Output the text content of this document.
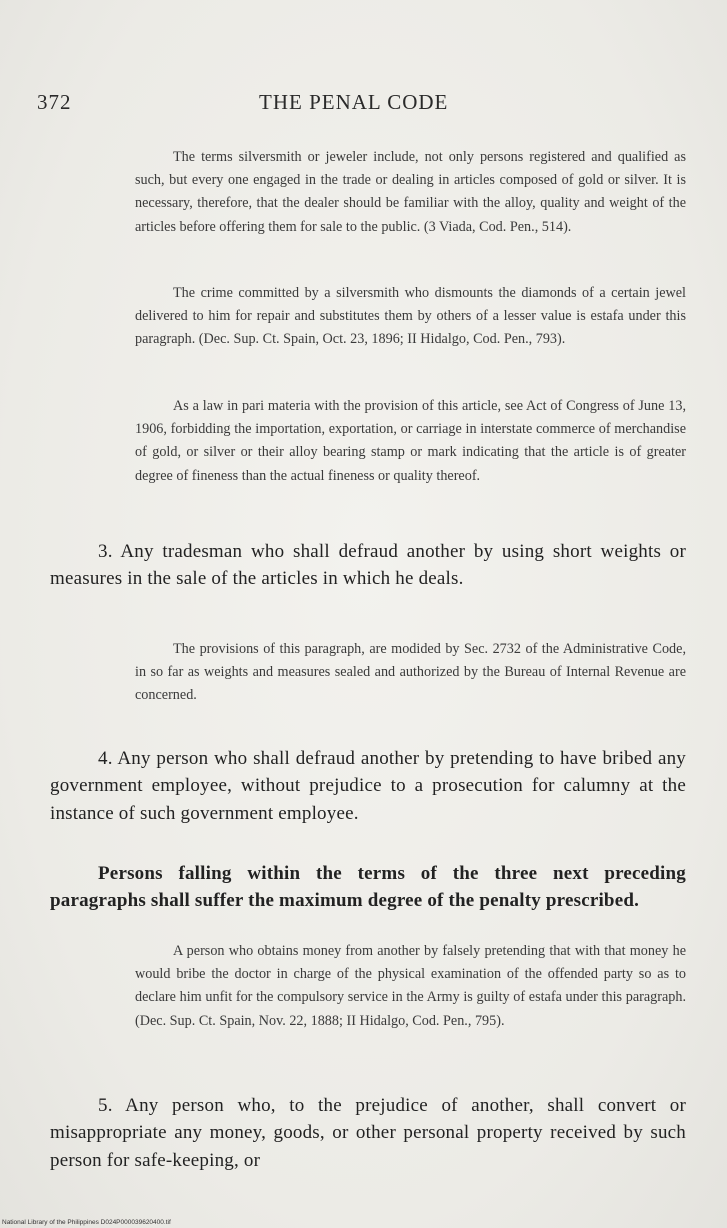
372	THE PENAL CODE

The terms silversmith or jeweler include, not only persons registered and qualified as such, but every one engaged in the trade or dealing in articles composed of gold or silver. It is necessary, therefore, that the dealer should be familiar with the alloy, quality and weight of the articles before offering them for sale to the public. (3 Viada, Cod. Pen., 514).

The crime committed by a silversmith who dismounts the diamonds of a certain jewel delivered to him for repair and substitutes them by others of a lesser value is estafa under this paragraph. (Dec. Sup. Ct. Spain, Oct. 23, 1896; II Hidalgo, Cod. Pen., 793).

As a law in pari materia with the provision of this article, see Act of Congress of June 13, 1906, forbidding the importation, exportation, or carriage in interstate commerce of merchandise of gold, or silver or their alloy bearing stamp or mark indicating that the article is of greater degree of fineness than the actual fineness or quality thereof.

3. Any tradesman who shall defraud another by using short weights or measures in the sale of the articles in which he deals.

The provisions of this paragraph, are modided by Sec. 2732 of the Administrative Code, in so far as weights and measures sealed and authorized by the Bureau of Internal Revenue are concerned.

4. Any person who shall defraud another by pretending to have bribed any government employee, without prejudice to a prosecution for calumny at the instance of such government employee.

Persons falling within the terms of the three next preceding paragraphs shall suffer the maximum degree of the penalty prescribed.

A person who obtains money from another by falsely pretending that with that money he would bribe the doctor in charge of the physical examination of the offended party so as to declare him unfit for the compulsory service in the Army is guilty of estafa under this paragraph. (Dec. Sup. Ct. Spain, Nov. 22, 1888; II Hidalgo, Cod. Pen., 795).

5. Any person who, to the prejudice of another, shall convert or misappropriate any money, goods, or other personal property received by such person for safe-keeping, or

National Library of the Philippines D024P000039620400.tif
